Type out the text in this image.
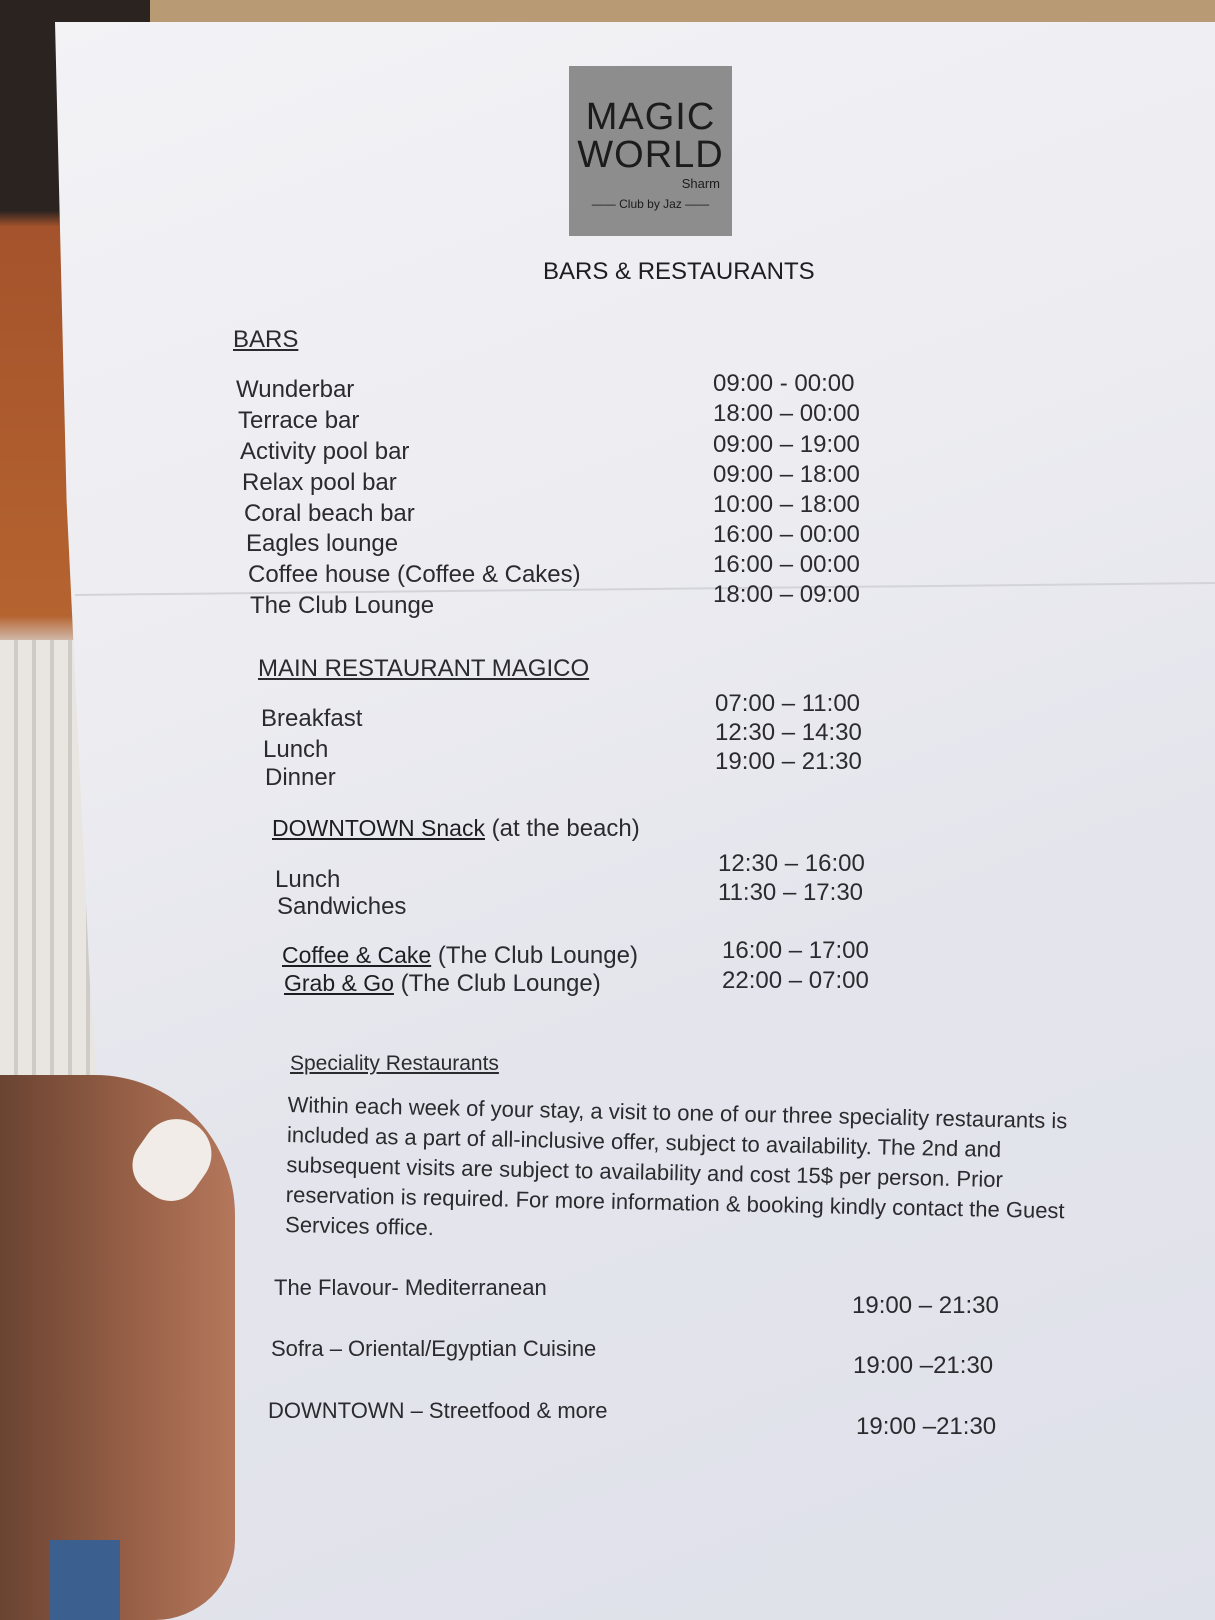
MAGIC
WORLD
Sharm
—— Club by Jaz ——
BARS & RESTAURANTS
BARS
Wunderbar	09:00 - 00:00
Terrace bar	18:00 – 00:00
Activity pool bar	09:00 – 19:00
Relax pool bar	09:00 – 18:00
Coral beach bar	10:00 – 18:00
Eagles lounge	16:00 – 00:00
Coffee house (Coffee & Cakes)	16:00 – 00:00
The Club Lounge	18:00 – 09:00
MAIN RESTAURANT MAGICO
Breakfast
07:00 – 11:00
Lunch
12:30 – 14:30
Dinner
19:00 – 21:30
DOWNTOWN Snack (at the beach)
Lunch
12:30 – 16:00
Sandwiches
11:30 – 17:30
Coffee & Cake (The Club Lounge)	16:00 – 17:00
Grab & Go (The Club Lounge)	22:00 – 07:00
Speciality Restaurants
Within each week of your stay, a visit to one of our three speciality restaurants is included as a part of all-inclusive offer, subject to availability. The 2nd and subsequent visits are subject to availability and cost 15$ per person. Prior reservation is required. For more information & booking kindly contact the Guest Services office.
The Flavour- Mediterranean
19:00 – 21:30
Sofra – Oriental/Egyptian Cuisine
19:00 –21:30
DOWNTOWN – Streetfood & more
19:00 –21:30
